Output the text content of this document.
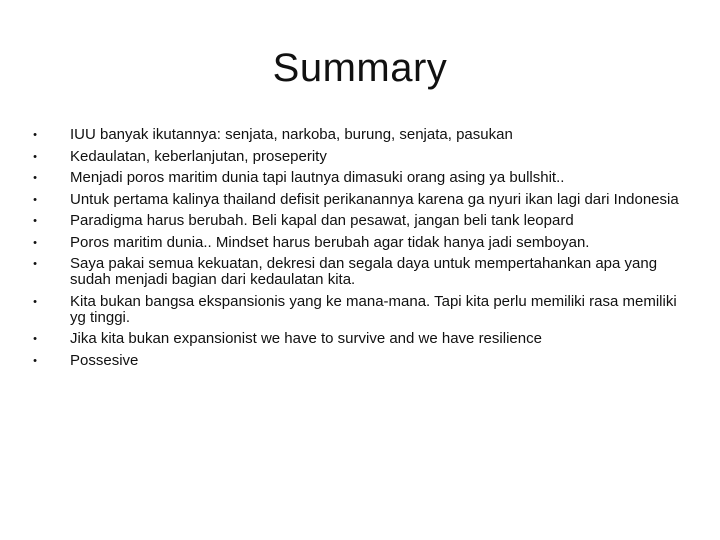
Summary
• IUU banyak ikutannya: senjata, narkoba, burung, senjata, pasukan
• Kedaulatan, keberlanjutan, proseperity
• Menjadi poros maritim dunia tapi lautnya dimasuki orang asing ya bullshit..
• Untuk pertama kalinya thailand defisit perikanannya karena ga nyuri ikan lagi dari Indonesia
• Paradigma harus berubah. Beli kapal dan pesawat, jangan beli tank leopard
• Poros maritim dunia.. Mindset harus berubah agar tidak hanya jadi semboyan.
• Saya pakai semua kekuatan, dekresi dan segala daya untuk mempertahankan apa yang sudah menjadi bagian dari kedaulatan kita.
• Kita bukan bangsa ekspansionis yang ke mana-mana. Tapi kita perlu memiliki rasa memiliki yg tinggi.
• Jika kita bukan expansionist we have to survive and we have resilience
• Possesive
